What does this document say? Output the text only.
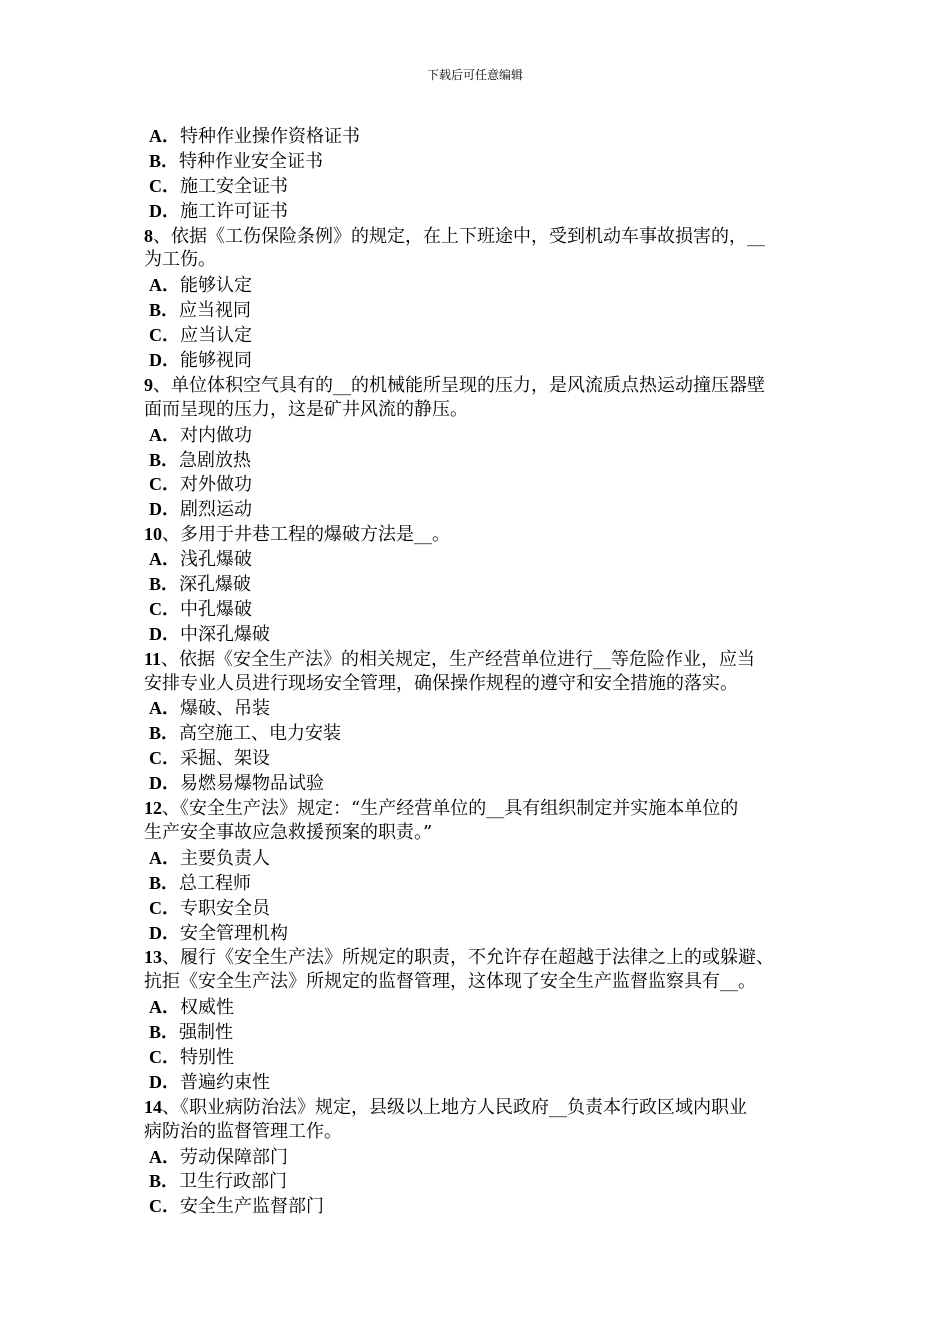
下载后可任意编辑
A．特种作业操作资格证书
B．特种作业安全证书
C．施工安全证书
D．施工许可证书
8、依据《工伤保险条例》的规定，在上下班途中，受到机动车事故损害的，__
为工伤。
A．能够认定
B．应当视同
C．应当认定
D．能够视同
9、单位体积空气具有的__的机械能所呈现的压力，是风流质点热运动撞压器壁
面而呈现的压力，这是矿井风流的静压。
A．对内做功
B．急剧放热
C．对外做功
D．剧烈运动
10、多用于井巷工程的爆破方法是__。
A．浅孔爆破
B．深孔爆破
C．中孔爆破
D．中深孔爆破
11、依据《安全生产法》的相关规定，生产经营单位进行__等危险作业，应当
安排专业人员进行现场安全管理，确保操作规程的遵守和安全措施的落实。
A．爆破、吊装
B．高空施工、电力安装
C．采掘、架设
D．易燃易爆物品试验
12、《安全生产法》规定：“生产经营单位的__具有组织制定并实施本单位的
生产安全事故应急救援预案的职责。”
A．主要负责人
B．总工程师
C．专职安全员
D．安全管理机构
13、履行《安全生产法》所规定的职责，不允许存在超越于法律之上的或躲避、
抗拒《安全生产法》所规定的监督管理，这体现了安全生产监督监察具有__。
A．权威性
B．强制性
C．特别性
D．普遍约束性
14、《职业病防治法》规定，县级以上地方人民政府__负责本行政区域内职业
病防治的监督管理工作。
A．劳动保障部门
B．卫生行政部门
C．安全生产监督部门
